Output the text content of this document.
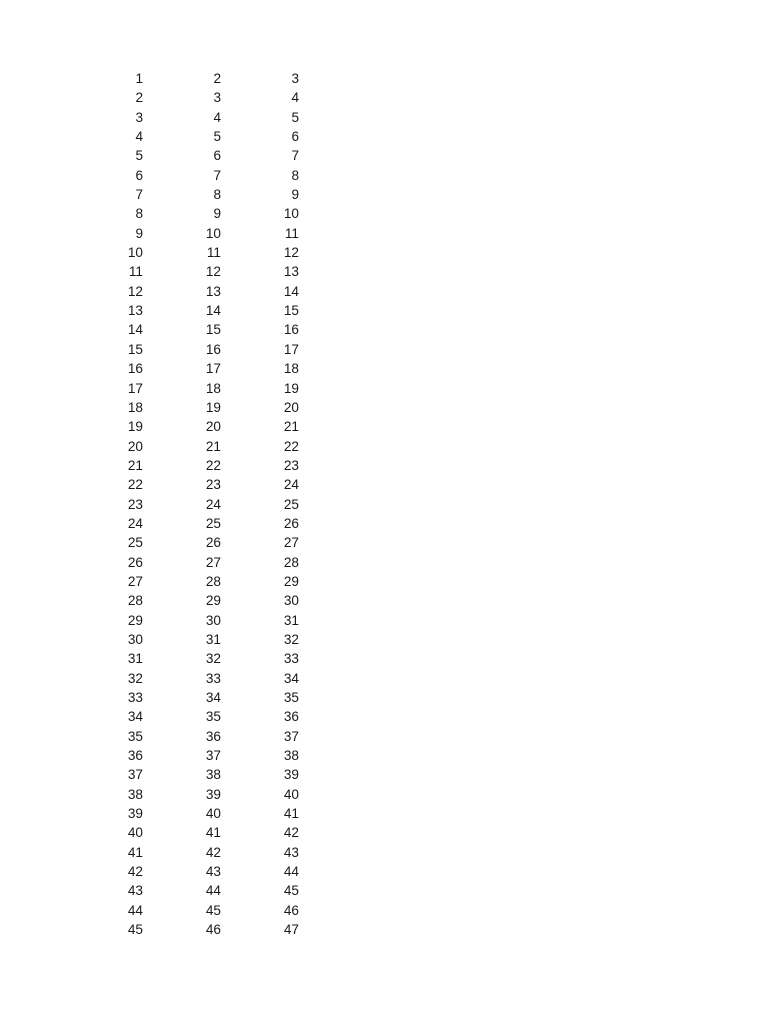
1	2	3
2	3	4
3	4	5
4	5	6
5	6	7
6	7	8
7	8	9
8	9	10
9	10	11
10	11	12
11	12	13
12	13	14
13	14	15
14	15	16
15	16	17
16	17	18
17	18	19
18	19	20
19	20	21
20	21	22
21	22	23
22	23	24
23	24	25
24	25	26
25	26	27
26	27	28
27	28	29
28	29	30
29	30	31
30	31	32
31	32	33
32	33	34
33	34	35
34	35	36
35	36	37
36	37	38
37	38	39
38	39	40
39	40	41
40	41	42
41	42	43
42	43	44
43	44	45
44	45	46
45	46	47
